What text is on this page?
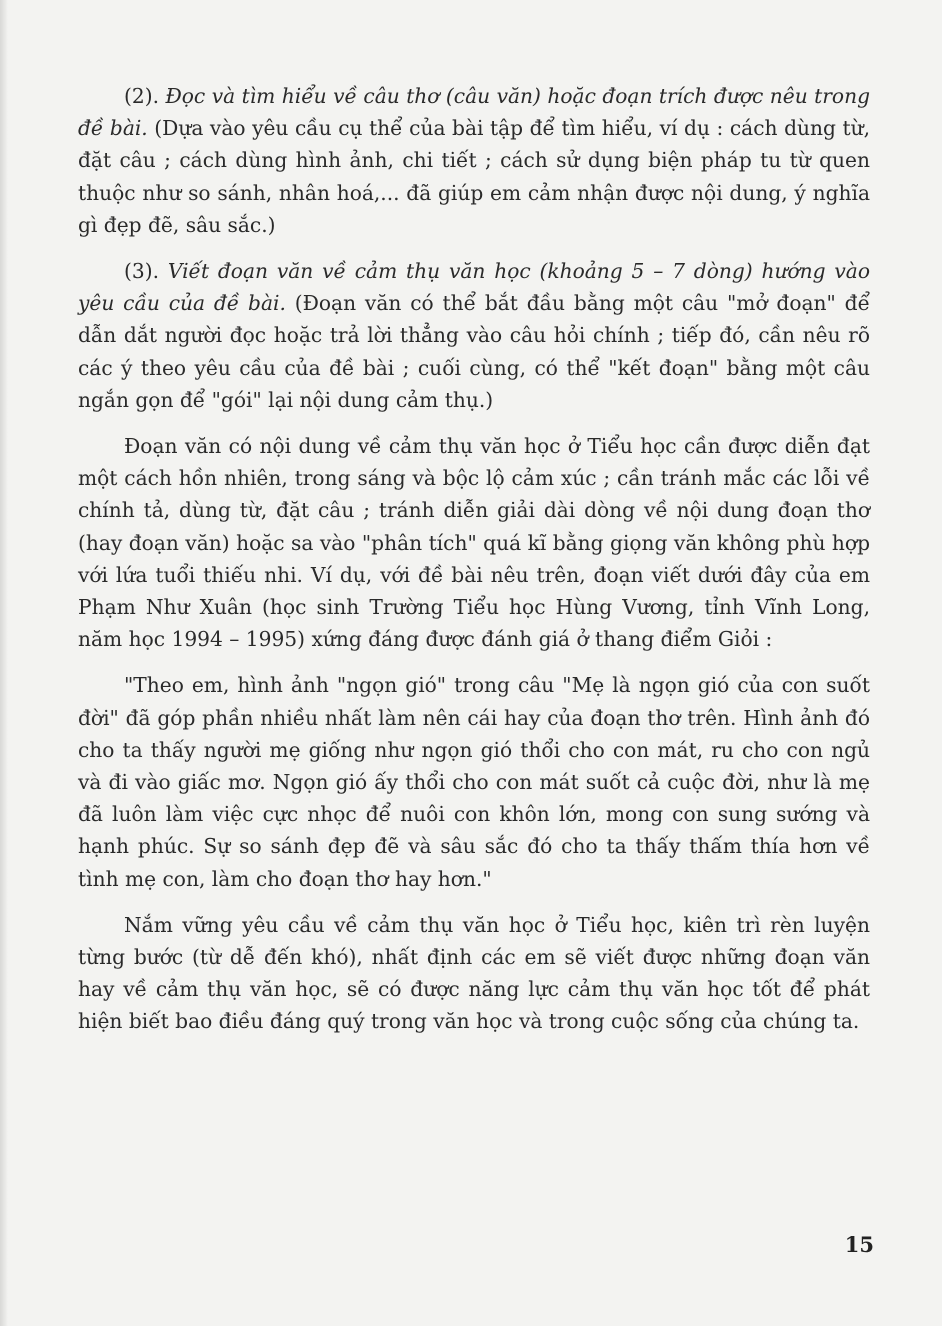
(2). Đọc và tìm hiểu về câu thơ (câu văn) hoặc đoạn trích được nêu trong đề bài. (Dựa vào yêu cầu cụ thể của bài tập để tìm hiểu, ví dụ : cách dùng từ, đặt câu ; cách dùng hình ảnh, chi tiết ; cách sử dụng biện pháp tu từ quen thuộc như so sánh, nhân hoá,... đã giúp em cảm nhận được nội dung, ý nghĩa gì đẹp đẽ, sâu sắc.)

(3). Viết đoạn văn về cảm thụ văn học (khoảng 5 – 7 dòng) hướng vào yêu cầu của đề bài. (Đoạn văn có thể bắt đầu bằng một câu "mở đoạn" để dẫn dắt người đọc hoặc trả lời thẳng vào câu hỏi chính ; tiếp đó, cần nêu rõ các ý theo yêu cầu của đề bài ; cuối cùng, có thể "kết đoạn" bằng một câu ngắn gọn để "gói" lại nội dung cảm thụ.)

Đoạn văn có nội dung về cảm thụ văn học ở Tiểu học cần được diễn đạt một cách hồn nhiên, trong sáng và bộc lộ cảm xúc ; cần tránh mắc các lỗi về chính tả, dùng từ, đặt câu ; tránh diễn giải dài dòng về nội dung đoạn thơ (hay đoạn văn) hoặc sa vào "phân tích" quá kĩ bằng giọng văn không phù hợp với lứa tuổi thiếu nhi. Ví dụ, với đề bài nêu trên, đoạn viết dưới đây của em Phạm Như Xuân (học sinh Trường Tiểu học Hùng Vương, tỉnh Vĩnh Long, năm học 1994 – 1995) xứng đáng được đánh giá ở thang điểm Giỏi :

"Theo em, hình ảnh "ngọn gió" trong câu "Mẹ là ngọn gió của con suốt đời" đã góp phần nhiều nhất làm nên cái hay của đoạn thơ trên. Hình ảnh đó cho ta thấy người mẹ giống như ngọn gió thổi cho con mát, ru cho con ngủ và đi vào giấc mơ. Ngọn gió ấy thổi cho con mát suốt cả cuộc đời, như là mẹ đã luôn làm việc cực nhọc để nuôi con khôn lớn, mong con sung sướng và hạnh phúc. Sự so sánh đẹp đẽ và sâu sắc đó cho ta thấy thấm thía hơn về tình mẹ con, làm cho đoạn thơ hay hơn."

Nắm vững yêu cầu về cảm thụ văn học ở Tiểu học, kiên trì rèn luyện từng bước (từ dễ đến khó), nhất định các em sẽ viết được những đoạn văn hay về cảm thụ văn học, sẽ có được năng lực cảm thụ văn học tốt để phát hiện biết bao điều đáng quý trong văn học và trong cuộc sống của chúng ta.

15
